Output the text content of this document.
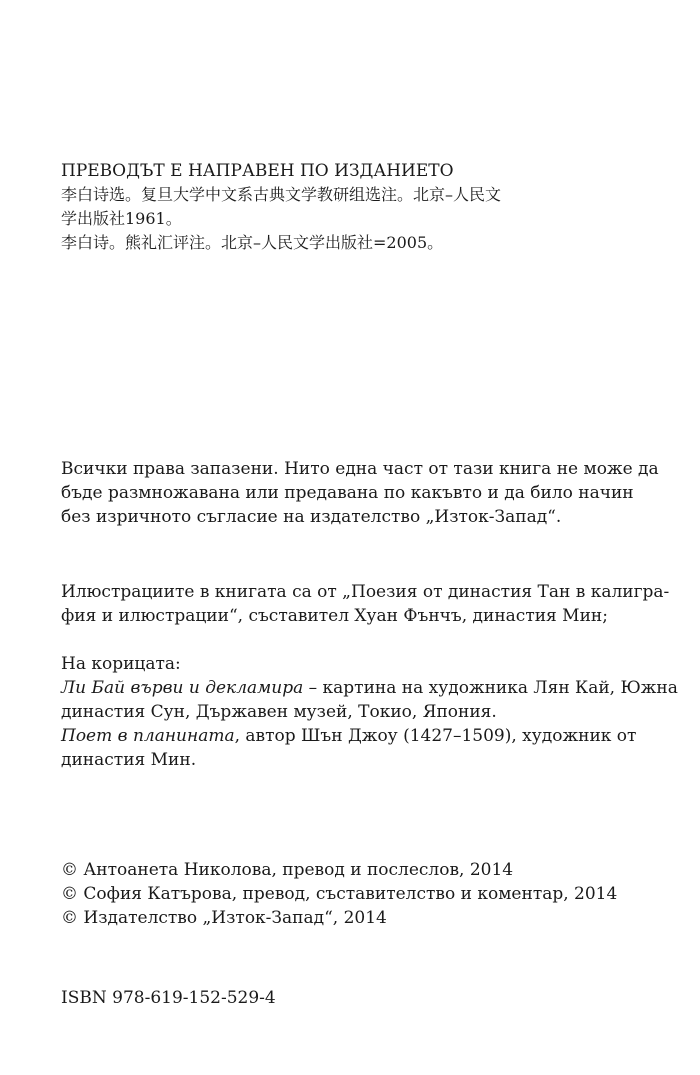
ПРЕВОДЪТ Е НАПРАВЕН ПО ИЗДАНИЕТО
李白诗选。复旦大学中文系古典文学教研组选注。北京–人民文
学出版社1961。
李白诗。熊礼汇评注。北京–人民文学出版社=2005。
Всички права запазени. Нито една част от тази книга не може да
бъде размножавана или предавана по какъвто и да било начин
без изричното съгласие на издателство „Изток-Запад“.
Илюстрациите в книгата са от „Поезия от династия Тан в калигра-
фия и илюстрации“, съставител Хуан Фънчъ, династия Мин;
На корицата:
Ли Бай върви и декламира – картина на художника Лян Кай, Южна
династия Сун, Държавен музей, Токио, Япония.
Поет в планината, автор Шън Джоу (1427–1509), художник от
династия Мин.
© Антоанета Николова, превод и послеслов, 2014
© София Катърова, превод, съставителство и коментар, 2014
© Издателство „Изток-Запад“, 2014
ISBN 978-619-152-529-4
